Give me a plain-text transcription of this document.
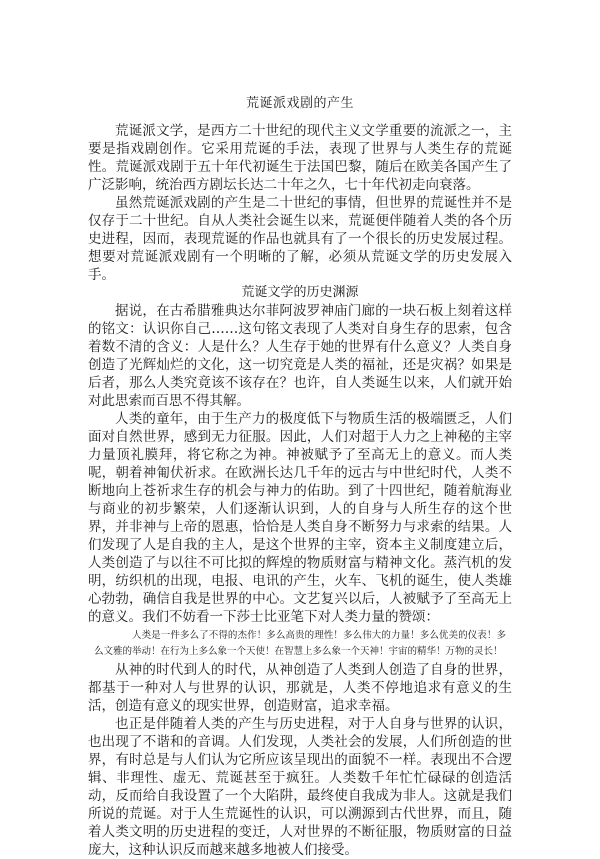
荒诞派戏剧的产生

荒诞派文学，是西方二十世纪的现代主义文学重要的流派之一，主要是指戏剧创作。它采用荒诞的手法，表现了世界与人类生存的荒诞性。荒诞派戏剧于五十年代初诞生于法国巴黎，随后在欧美各国产生了广泛影响，统治西方剧坛长达二十年之久，七十年代初走向衰落。

虽然荒诞派戏剧的产生是二十世纪的事情，但世界的荒诞性并不是仅存于二十世纪。自从人类社会诞生以来，荒诞便伴随着人类的各个历史进程，因而，表现荒诞的作品也就具有了一个很长的历史发展过程。想要对荒诞派戏剧有一个明晰的了解，必须从荒诞文学的历史发展入手。

荒诞文学的历史渊源

据说，在古希腊雅典达尔菲阿波罗神庙门廊的一块石板上刻着这样的铭文：认识你自己……这句铭文表现了人类对自身生存的思索，包含着数不清的含义：人是什么？人生存于她的世界有什么意义？人类自身创造了光辉灿烂的文化，这一切究竟是人类的福祉，还是灾祸？如果是后者，那么人类究竟该不该存在？也许，自人类诞生以来，人们就开始对此思索而百思不得其解。

人类的童年，由于生产力的极度低下与物质生活的极端匮乏，人们面对自然世界，感到无力征服。因此，人们对超于人力之上神秘的主宰力量顶礼膜拜，将它称之为神。神被赋予了至高无上的意义。而人类呢，朝着神匍伏祈求。在欧洲长达几千年的远古与中世纪时代，人类不断地向上苍祈求生存的机会与神力的佑助。到了十四世纪，随着航海业与商业的初步繁荣，人们逐渐认识到，人的自身与人所生存的这个世界，并非神与上帝的恩惠，恰恰是人类自身不断努力与求索的结果。人们发现了人是自我的主人，是这个世界的主宰，资本主义制度建立后，人类创造了与以往不可比拟的辉煌的物质财富与精神文化。蒸汽机的发明，纺织机的出现，电报、电讯的产生，火车、飞机的诞生，使人类雄心勃勃，确信自我是世界的中心。文艺复兴以后，人被赋予了至高无上的意义。我们不妨看一下莎士比亚笔下对人类力量的赞颂：

人类是一件多么了不得的杰作！多么高贵的理性！多么伟大的力量！多么优美的仪表！多么文雅的举动！在行为上多么象一个天使！在智慧上多么象一个天神！宇宙的精华！万物的灵长！

从神的时代到人的时代，从神创造了人类到人创造了自身的世界，都基于一种对人与世界的认识，那就是，人类不停地追求有意义的生活，创造有意义的现实世界，创造财富，追求幸福。

也正是伴随着人类的产生与历史进程，对于人自身与世界的认识，也出现了不谐和的音调。人们发现，人类社会的发展，人们所创造的世界，有时总是与人们认为它所应该呈现出的面貌不一样。表现出不合逻辑、非理性、虚无、荒诞甚至于疯狂。人类数千年忙忙碌碌的创造活动，反而给自我设置了一个大陷阱，最终使自我成为非人。这就是我们所说的荒诞。对于人生荒诞性的认识，可以溯源到古代世界，而且，随着人类文明的历史进程的变迁，人对世界的不断征服，物质财富的日益庞大，这种认识反而越来越多地被人们接受。
